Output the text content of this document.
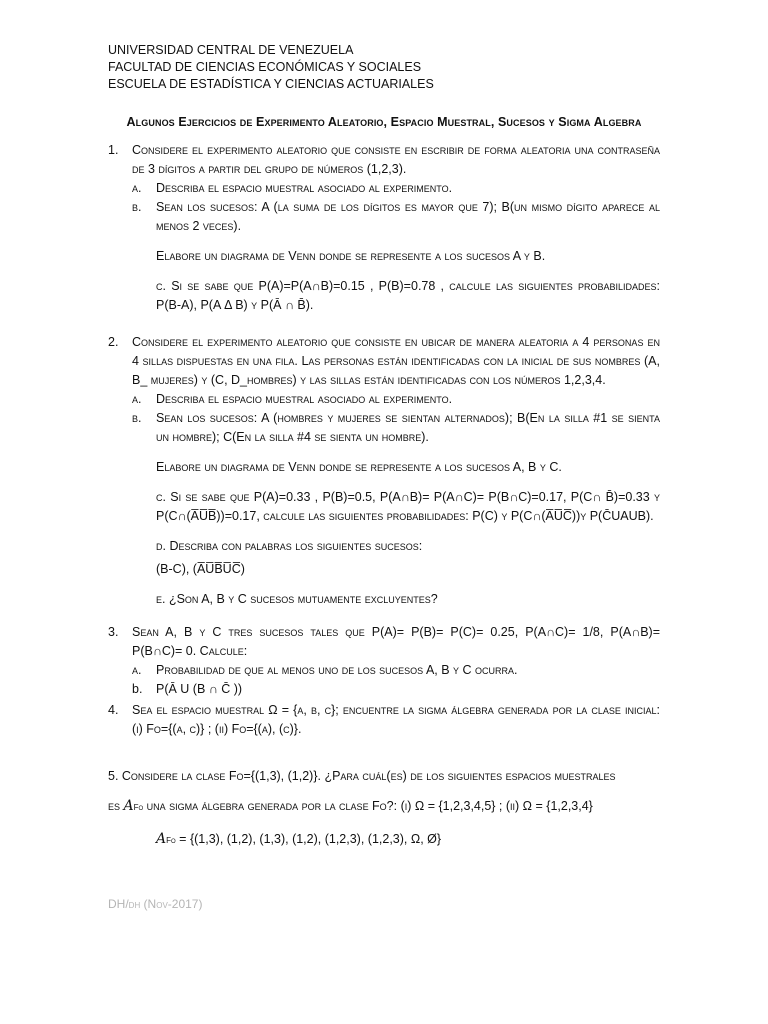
UNIVERSIDAD CENTRAL DE VENEZUELA
FACULTAD DE CIENCIAS ECONÓMICAS Y SOCIALES
ESCUELA DE ESTADÍSTICA Y CIENCIAS ACTUARIALES
Algunos Ejercicios de Experimento Aleatorio, Espacio Muestral, Sucesos y Sigma Algebra
1. Considere el experimento aleatorio que consiste en escribir de forma aleatoria una contraseña de 3 dígitos a partir del grupo de números (1,2,3).
a. Describa el espacio muestral asociado al experimento.
b. Sean los sucesos: A (la suma de los dígitos es mayor que 7); B(un mismo dígito aparece al menos 2 veces).
Elabore un diagrama de Venn donde se represente a los sucesos A y B.
c. Si se sabe que P(A)=P(A∩B)=0.15 , P(B)=0.78 , calcule las siguientes probabilidades: P(B-A), P(A Δ B) y P(Ā ∩ B̄).
2. Considere el experimento aleatorio que consiste en ubicar de manera aleatoria a 4 personas en 4 sillas dispuestas en una fila. Las personas están identificadas con la inicial de sus nombres (A, B_ mujeres) y (C, D_hombres) y las sillas están identificadas con los números 1,2,3,4.
a. Describa el espacio muestral asociado al experimento.
b. Sean los sucesos: A (hombres y mujeres se sientan alternados); B(En la silla #1 se sienta un hombre); C(En la silla #4 se sienta un hombre).
Elabore un diagrama de Venn donde se represente a los sucesos A, B y C.
c. Si se sabe que P(A)=0.33 , P(B)=0.5, P(A∩B)= P(A∩C)= P(B∩C)=0.17, P(C∩ B̄)=0.33 y P(C∩(A̅U̅B̅))=0.17, calcule las siguientes probabilidades: P(C) y P(C∩(A̅U̅C̅))y P(C̄UAUB).
d. Describa con palabras los siguientes sucesos:
(B-C), (A̅U̅B̅U̅C̅)
e. ¿Son A, B y C sucesos mutuamente excluyentes?
3. Sean A, B y C tres sucesos tales que P(A)= P(B)= P(C)= 0.25, P(A∩C)= 1/8, P(A∩B)= P(B∩C)= 0. Calcule:
a. Probabilidad de que al menos uno de los sucesos A, B y C ocurra.
b. P(Ā U (B ∩ C̄ ))
4. Sea el espacio muestral Ω = {a, b, c}; encuentre la sigma álgebra generada por la clase inicial: (i) Fo={(a, c)} ; (ii) Fo={(a), (c)}.
5. Considere la clase Fo={(1,3), (1,2)}. ¿Para cuál(es) de los siguientes espacios muestrales
es aFo una sigma álgebra generada por la clase Fo?: (i) Ω = {1,2,3,4,5} ; (ii) Ω = {1,2,3,4}
aFo = {(1,3), (1,2), (1,3), (1,2), (1,2,3), (1,2,3), Ω, Ø}
DH/dh (Nov-2017)
